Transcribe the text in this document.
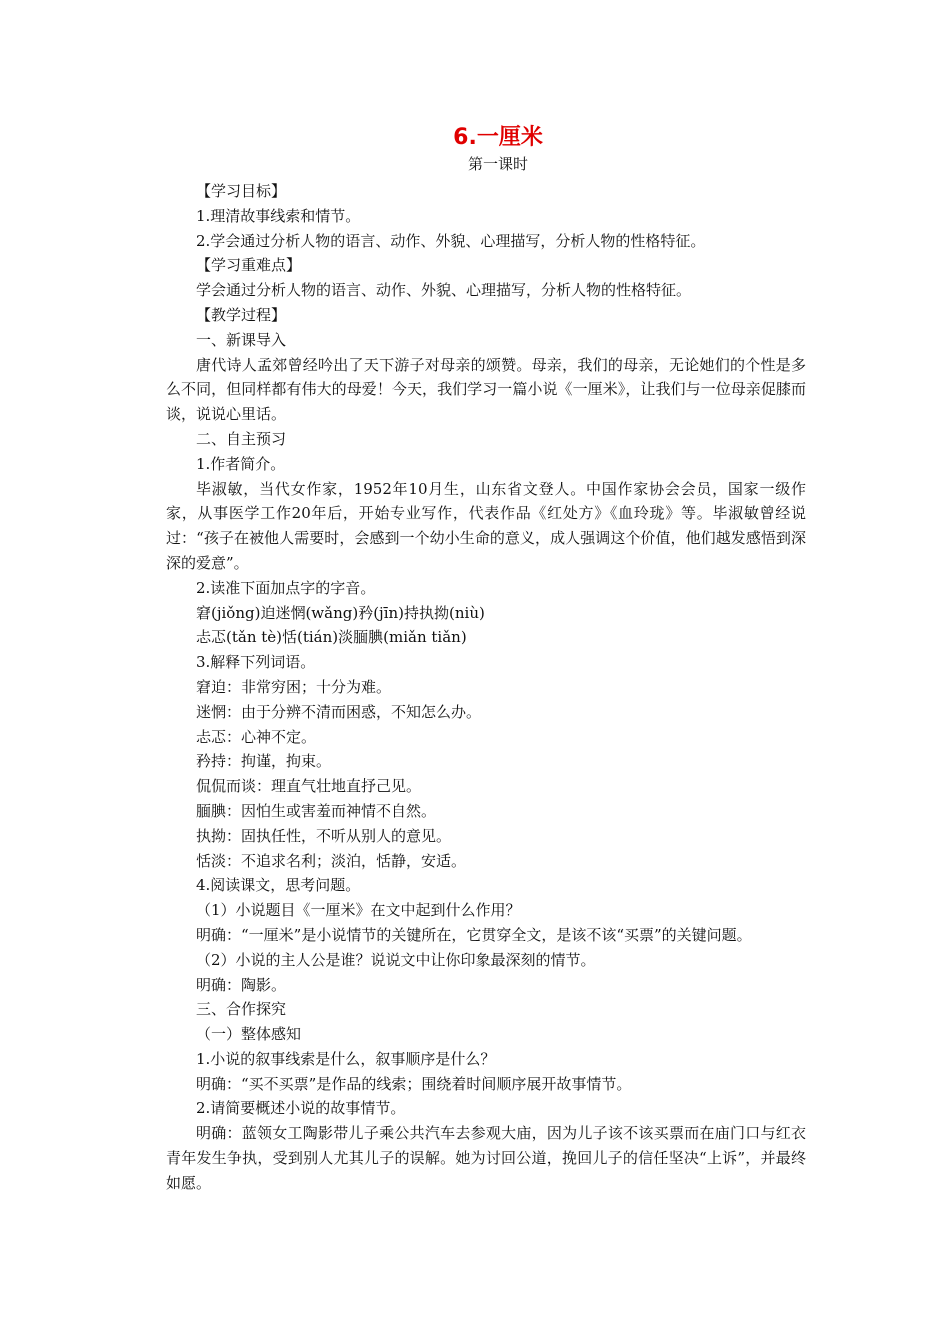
6.一厘米
第一课时

【学习目标】

1.理清故事线索和情节。

2.学会通过分析人物的语言、动作、外貌、心理描写，分析人物的性格特征。

【学习重难点】

学会通过分析人物的语言、动作、外貌、心理描写，分析人物的性格特征。

【教学过程】

一、新课导入

唐代诗人孟郊曾经吟出了天下游子对母亲的颂赞。母亲，我们的母亲，无论她们的个性是多么不同，但同样都有伟大的母爱！今天，我们学习一篇小说《一厘米》，让我们与一位母亲促膝而谈，说说心里话。

二、自主预习

1.作者简介。

毕淑敏，当代女作家，1952年10月生，山东省文登人。中国作家协会会员，国家一级作家，从事医学工作20年后，开始专业写作，代表作品《红处方》《血玲珑》等。毕淑敏曾经说过：“孩子在被他人需要时，会感到一个幼小生命的意义，成人强调这个价值，他们越发感悟到深深的爱意”。

2.读准下面加点字的字音。

窘(jiǒng)迫迷惘(wǎng)矜(jīn)持执拗(niù)

忐忑(tǎn tè)恬(tián)淡腼腆(miǎn tiǎn)

3.解释下列词语。

窘迫：非常穷困；十分为难。

迷惘：由于分辨不清而困惑，不知怎么办。

忐忑：心神不定。

矜持：拘谨，拘束。

侃侃而谈：理直气壮地直抒己见。

腼腆：因怕生或害羞而神情不自然。

执拗：固执任性，不听从别人的意见。

恬淡：不追求名利；淡泊，恬静，安适。

4.阅读课文，思考问题。

（1）小说题目《一厘米》在文中起到什么作用？

明确：“一厘米”是小说情节的关键所在，它贯穿全文，是该不该“买票”的关键问题。

（2）小说的主人公是谁？说说文中让你印象最深刻的情节。

明确：陶影。

三、合作探究

（一）整体感知

1.小说的叙事线索是什么，叙事顺序是什么？

明确：“买不买票”是作品的线索；围绕着时间顺序展开故事情节。

2.请简要概述小说的故事情节。

明确：蓝领女工陶影带儿子乘公共汽车去参观大庙，因为儿子该不该买票而在庙门口与红衣青年发生争执，受到别人尤其儿子的误解。她为讨回公道，挽回儿子的信任坚决“上诉”，并最终如愿。
